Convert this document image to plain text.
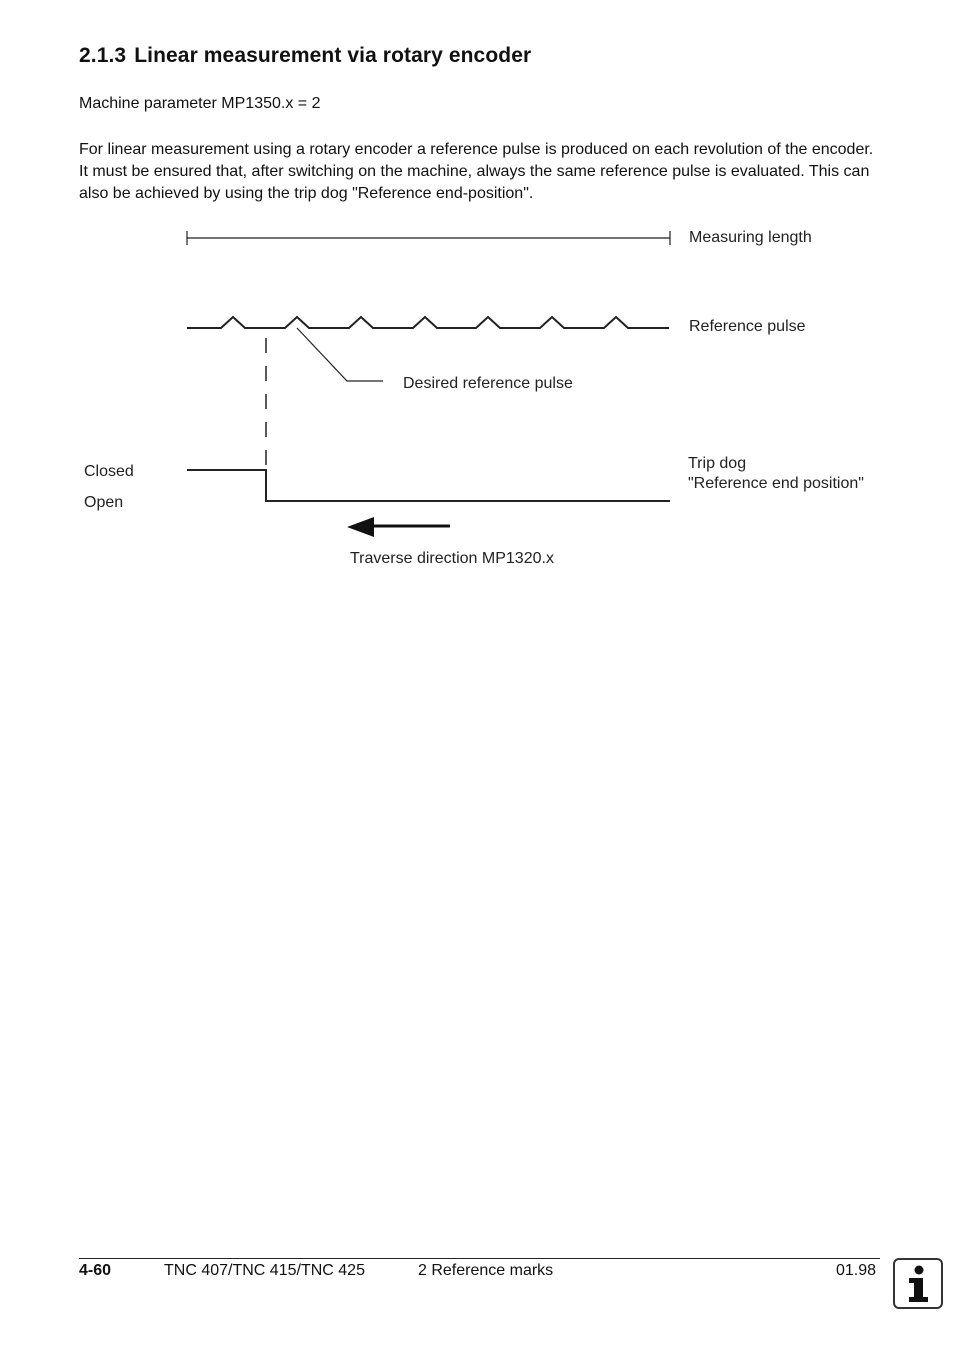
2.1.3 Linear measurement via rotary encoder

Machine parameter MP1350.x = 2

For linear measurement using a rotary encoder a reference pulse is produced on each revolution of the encoder. It must be ensured that, after switching on the machine, always the same reference pulse is evaluated. This can also be achieved by using the trip dog "Reference end-position".

Measuring length
Reference pulse
Desired reference pulse
Closed
Open
Trip dog
"Reference end position"
Traverse direction MP1320.x
4-60	TNC 407/TNC 415/TNC 425	2 Reference marks	01.98
